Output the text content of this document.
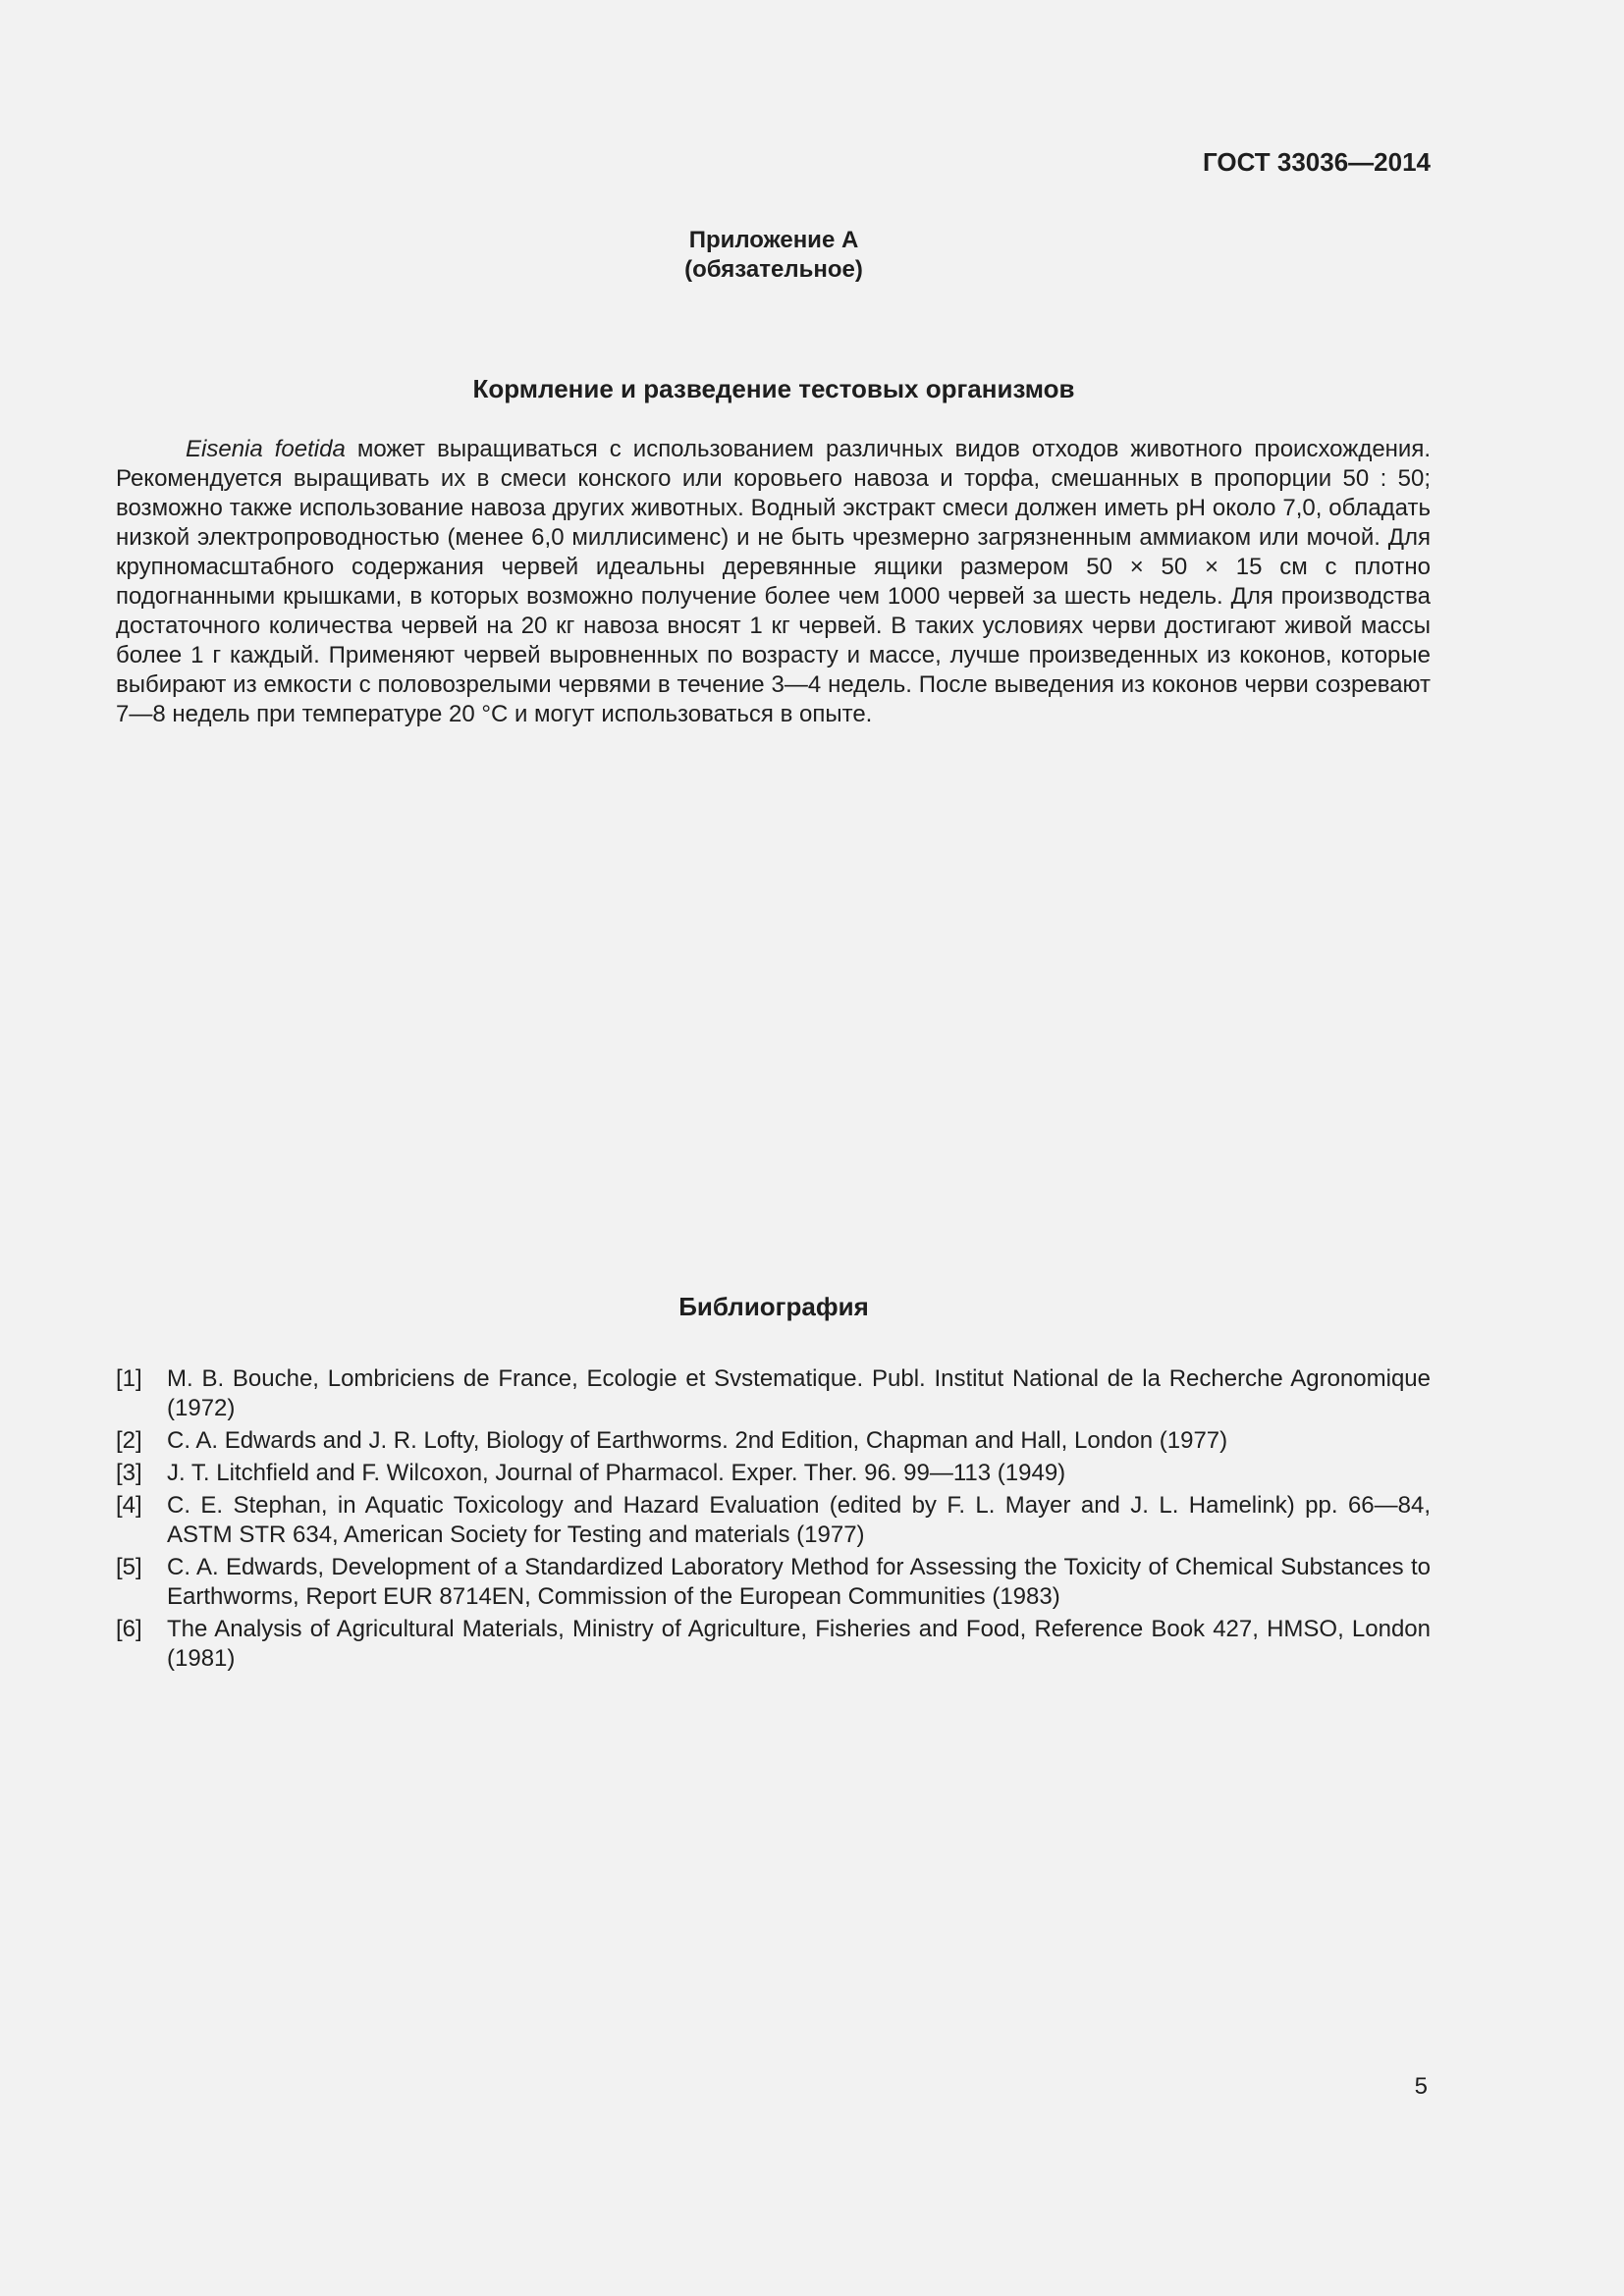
ГОСТ 33036—2014
Приложение А
(обязательное)
Кормление и разведение тестовых организмов

Eisenia foetida может выращиваться с использованием различных видов отходов животного происхождения. Рекомендуется выращивать их в смеси конского или коровьего навоза и торфа, смешанных в пропорции 50 : 50; возможно также использование навоза других животных. Водный экстракт смеси должен иметь рН около 7,0, обладать низкой электропроводностью (менее 6,0 миллисименс) и не быть чрезмерно загрязненным аммиаком или мочой. Для крупномасштабного содержания червей идеальны деревянные ящики размером 50 × 50 × 15 см с плотно подогнанными крышками, в которых возможно получение более чем 1000 червей за шесть недель. Для производства достаточного количества червей на 20 кг навоза вносят 1 кг червей. В таких условиях черви достигают живой массы более 1 г каждый. Применяют червей выровненных по возрасту и массе, лучше произведенных из коконов, которые выбирают из емкости с половозрелыми червями в течение 3—4 недель. После выведения из коконов черви созревают 7—8 недель при температуре 20 °С и могут использоваться в опыте.

Библиография
[1]	M. B. Bouche, Lombriciens de France, Ecologie et Svstematique. Publ. Institut National de la Recherche Agronomique (1972)
[2]	C. A. Edwards and J. R. Lofty, Biology of Earthworms. 2nd Edition, Chapman and Hall, London (1977)
[3]	J. T. Litchfield and F. Wilcoxon, Journal of Pharmacol. Exper. Ther. 96. 99—113 (1949)
[4]	C. E. Stephan, in Aquatic Toxicology and Hazard Evaluation (edited by F. L. Mayer and J. L. Hamelink) pp. 66—84, ASTM STR 634, American Society for Testing and materials (1977)
[5]	C. A. Edwards, Development of a Standardized Laboratory Method for Assessing the Toxicity of Chemical Substances to Earthworms, Report EUR 8714EN, Commission of the European Communities (1983)
[6]	The Analysis of Agricultural Materials, Ministry of Agriculture, Fisheries and Food, Reference Book 427, HMSO, London (1981)
5
